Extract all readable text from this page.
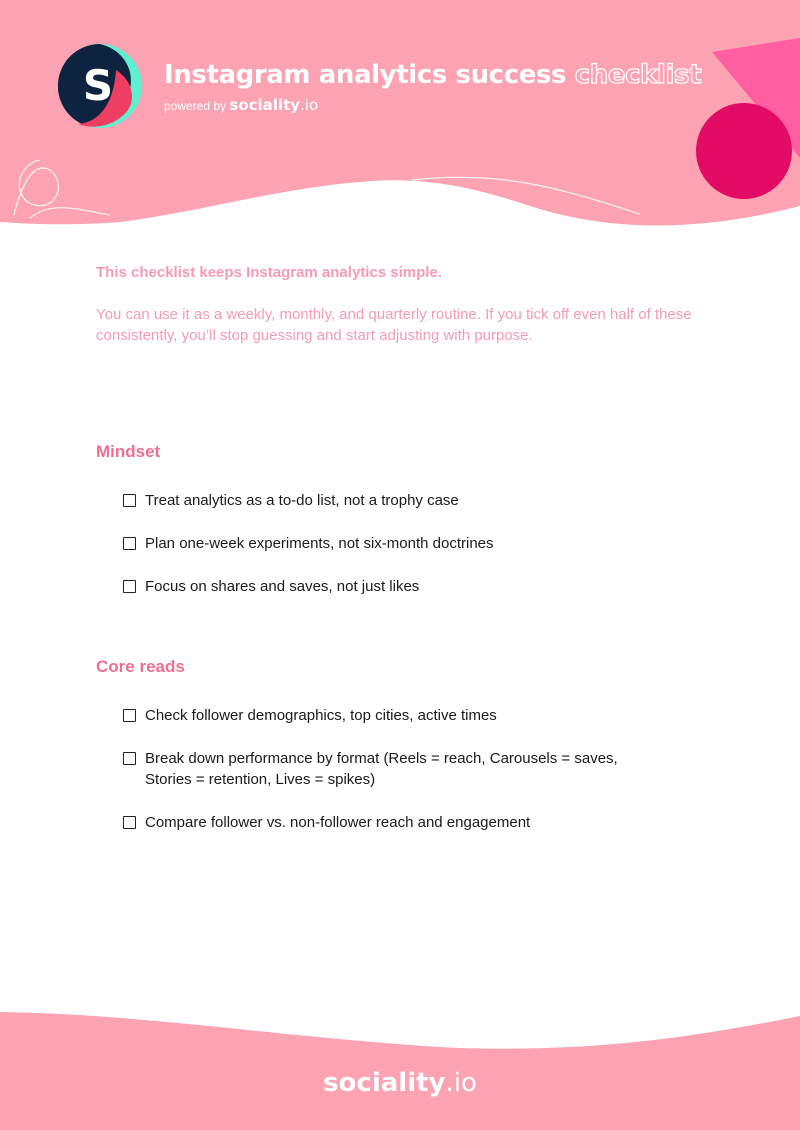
S Instagram analytics success checklist
powered by sociality.io
This checklist keeps Instagram analytics simple.
You can use it as a weekly, monthly, and quarterly routine. If you tick off even half of these consistently, you’ll stop guessing and start adjusting with purpose.
Mindset
Treat analytics as a to-do list, not a trophy case
Plan one-week experiments, not six-month doctrines
Focus on shares and saves, not just likes
Core reads
Check follower demographics, top cities, active times
Break down performance by format (Reels = reach, Carousels = saves, Stories = retention, Lives = spikes)
Compare follower vs. non-follower reach and engagement
sociality.io
